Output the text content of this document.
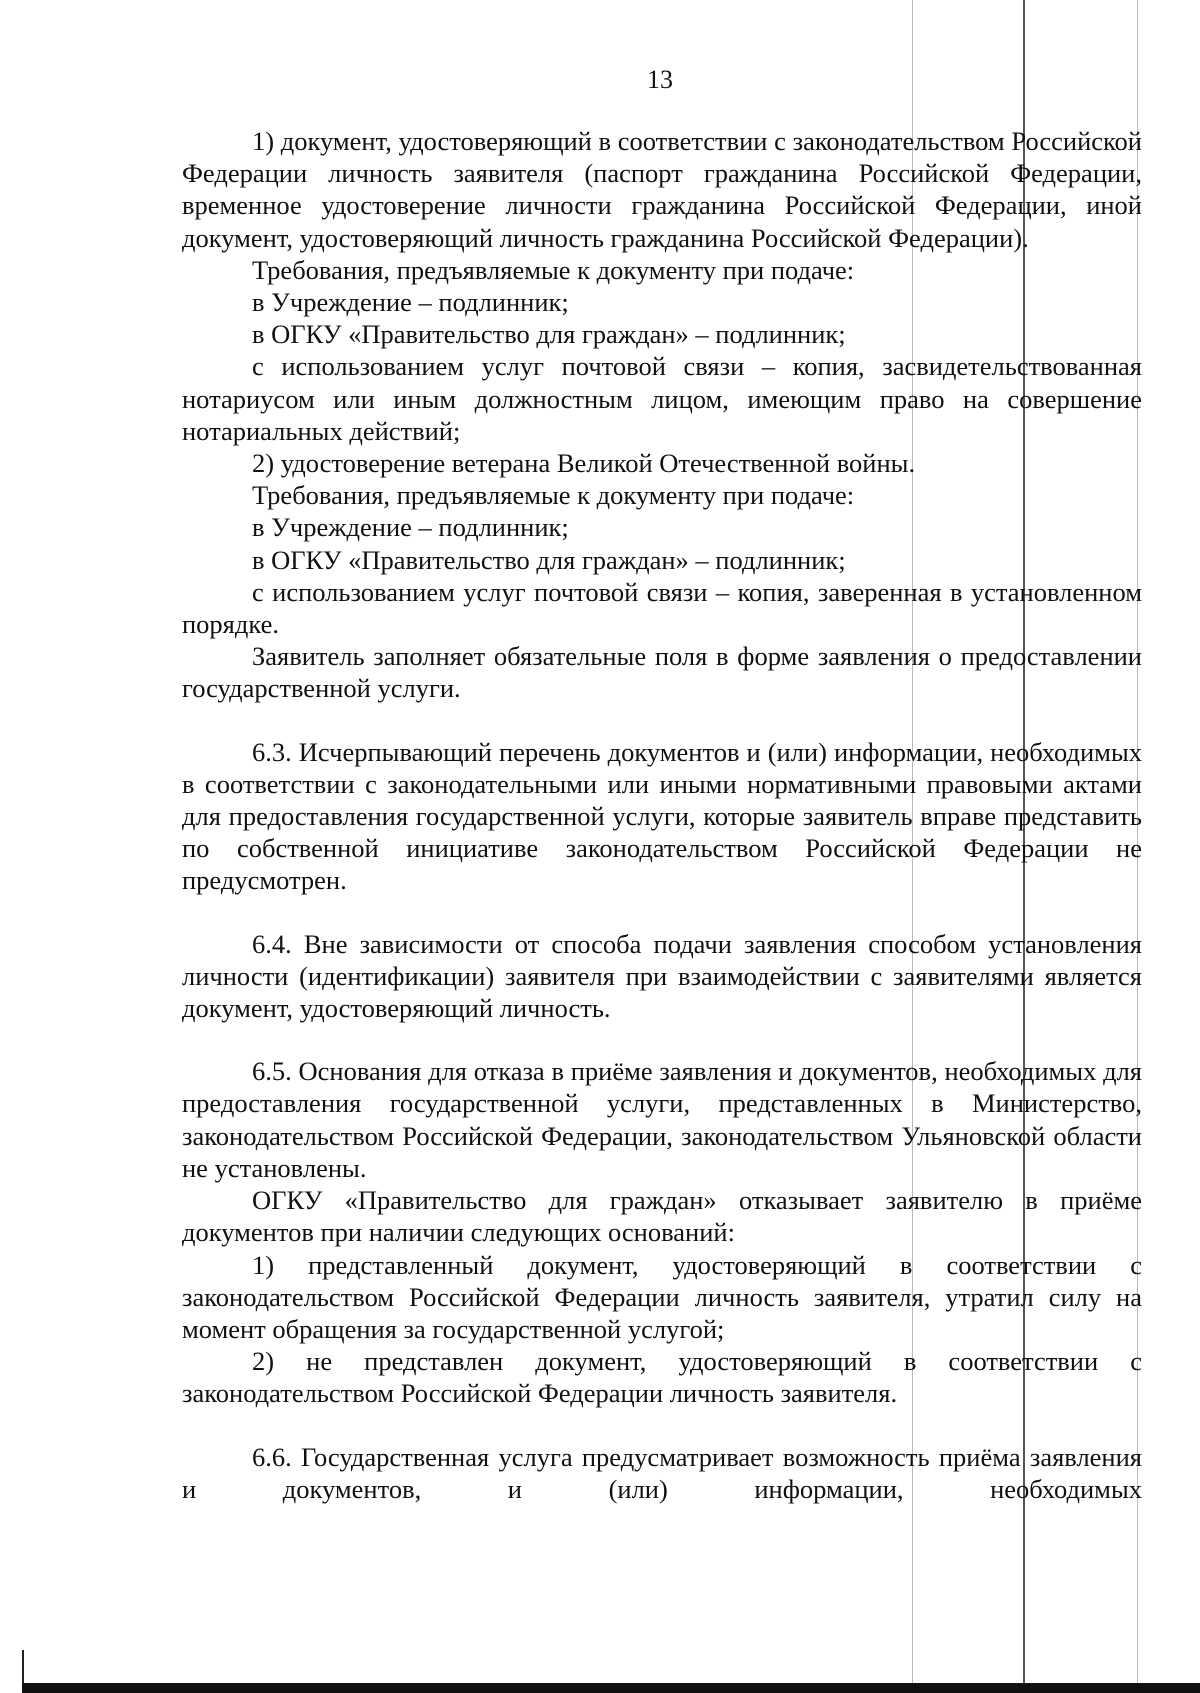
13

1) документ, удостоверяющий в соответствии с законодательством Российской Федерации личность заявителя (паспорт гражданина Российской Федерации, временное удостоверение личности гражданина Российской Федерации, иной документ, удостоверяющий личность гражданина Российской Федерации).

Требования, предъявляемые к документу при подаче:

в Учреждение – подлинник;

в ОГКУ «Правительство для граждан» – подлинник;

с использованием услуг почтовой связи – копия, засвидетельствованная нотариусом или иным должностным лицом, имеющим право на совершение нотариальных действий;

2) удостоверение ветерана Великой Отечественной войны.

Требования, предъявляемые к документу при подаче:

в Учреждение – подлинник;

в ОГКУ «Правительство для граждан» – подлинник;

с использованием услуг почтовой связи – копия, заверенная в установленном порядке.

Заявитель заполняет обязательные поля в форме заявления о предоставлении государственной услуги.

6.3. Исчерпывающий перечень документов и (или) информации, необходимых в соответствии с законодательными или иными нормативными правовыми актами для предоставления государственной услуги, которые заявитель вправе представить по собственной инициативе законодательством Российской Федерации не предусмотрен.

6.4. Вне зависимости от способа подачи заявления способом установления личности (идентификации) заявителя при взаимодействии с заявителями является документ, удостоверяющий личность.

6.5. Основания для отказа в приёме заявления и документов, необходимых для предоставления государственной услуги, представленных в Министерство, законодательством Российской Федерации, законодательством Ульяновской области не установлены.

ОГКУ «Правительство для граждан» отказывает заявителю в приёме документов при наличии следующих оснований:

1) представленный документ, удостоверяющий в соответствии с законодательством Российской Федерации личность заявителя, утратил силу на момент обращения за государственной услугой;

2) не представлен документ, удостоверяющий в соответствии с законодательством Российской Федерации личность заявителя.

6.6. Государственная услуга предусматривает возможность приёма заявления и документов, и (или) информации, необходимых
